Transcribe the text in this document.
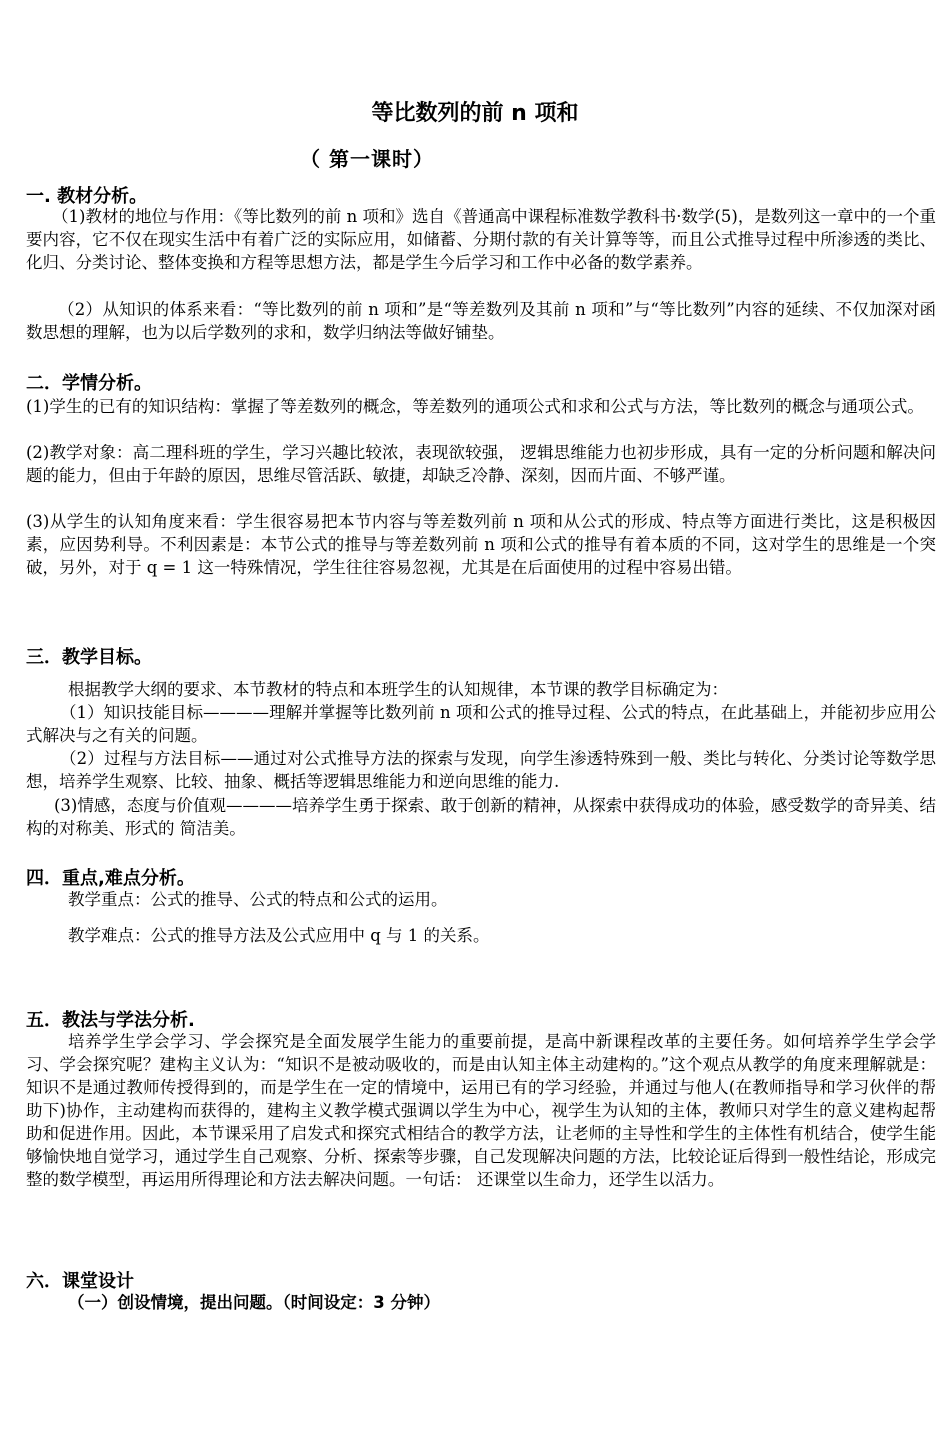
等比数列的前 n 项和
（ 第一课时）
一. 教材分析。
（1)教材的地位与作用：《等比数列的前 n 项和》选自《普通高中课程标准数学教科书·数学(5)，是数列这一章中的一个重要内容，它不仅在现实生活中有着广泛的实际应用，如储蓄、分期付款的有关计算等等，而且公式推导过程中所渗透的类比、化归、分类讨论、整体变换和方程等思想方法，都是学生今后学习和工作中必备的数学素养。
（2）从知识的体系来看：“等比数列的前 n 项和”是“等差数列及其前 n 项和”与“等比数列”内容的延续、不仅加深对函数思想的理解，也为以后学数列的求和，数学归纳法等做好铺垫。
二．学情分析。
(1)学生的已有的知识结构：掌握了等差数列的概念，等差数列的通项公式和求和公式与方法，等比数列的概念与通项公式。
(2)教学对象：高二理科班的学生，学习兴趣比较浓，表现欲较强， 逻辑思维能力也初步形成，具有一定的分析问题和解决问题的能力，但由于年龄的原因，思维尽管活跃、敏捷，却缺乏冷静、深刻，因而片面、不够严谨。
(3)从学生的认知角度来看：学生很容易把本节内容与等差数列前 n 项和从公式的形成、特点等方面进行类比，这是积极因素，应因势利导。不利因素是：本节公式的推导与等差数列前 n 项和公式的推导有着本质的不同，这对学生的思维是一个突破，另外，对于 q = 1 这一特殊情况，学生往往容易忽视，尤其是在后面使用的过程中容易出错。
三．教学目标。
根据教学大纲的要求、本节教材的特点和本班学生的认知规律，本节课的教学目标确定为：
（1）知识技能目标————理解并掌握等比数列前 n 项和公式的推导过程、公式的特点，在此基础上，并能初步应用公式解决与之有关的问题。
（2）过程与方法目标——通过对公式推导方法的探索与发现，向学生渗透特殊到一般、类比与转化、分类讨论等数学思想，培养学生观察、比较、抽象、概括等逻辑思维能力和逆向思维的能力.
(3)情感，态度与价值观————培养学生勇于探索、敢于创新的精神，从探索中获得成功的体验，感受数学的奇异美、结构的对称美、形式的 简洁美。
四．重点,难点分析。
教学重点：公式的推导、公式的特点和公式的运用。
教学难点：公式的推导方法及公式应用中 q 与 1 的关系。
五．教法与学法分析.
培养学生学会学习、学会探究是全面发展学生能力的重要前提，是高中新课程改革的主要任务。如何培养学生学会学习、学会探究呢？建构主义认为：“知识不是被动吸收的，而是由认知主体主动建构的。”这个观点从教学的角度来理解就是：知识不是通过教师传授得到的，而是学生在一定的情境中，运用已有的学习经验，并通过与他人(在教师指导和学习伙伴的帮助下)协作，主动建构而获得的，建构主义教学模式强调以学生为中心，视学生为认知的主体，教师只对学生的意义建构起帮助和促进作用。因此，本节课采用了启发式和探究式相结合的教学方法，让老师的主导性和学生的主体性有机结合，使学生能够愉快地自觉学习，通过学生自己观察、分析、探索等步骤，自己发现解决问题的方法，比较论证后得到一般性结论，形成完整的数学模型，再运用所得理论和方法去解决问题。一句话： 还课堂以生命力，还学生以活力。
六．课堂设计
（一）创设情境，提出问题。（时间设定：3 分钟）
